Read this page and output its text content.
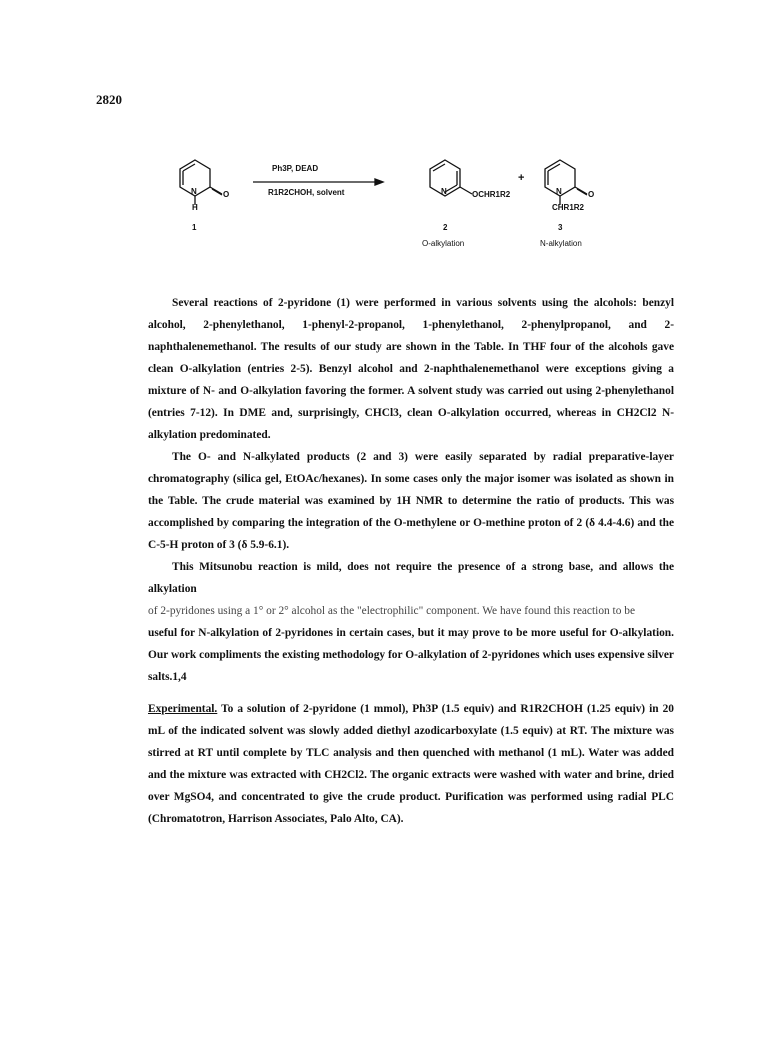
2820
N	O
H
1
Ph3P, DEAD
R1R2CHOH, solvent	N	OCHR1R2
2
O-alkylation
+
N	O
CHR1R2
3
N-alkylation

Several reactions of 2-pyridone (1) were performed in various solvents using the alcohols: benzyl alcohol, 2-phenylethanol, 1-phenyl-2-propanol, 1-phenylethanol, 2-phenylpropanol, and 2-naphthalenemethanol. The results of our study are shown in the Table. In THF four of the alcohols gave clean O-alkylation (entries 2-5). Benzyl alcohol and 2-naphthalenemethanol were exceptions giving a mixture of N- and O-alkylation favoring the former. A solvent study was carried out using 2-phenylethanol (entries 7-12). In DME and, surprisingly, CHCl3, clean O-alkylation occurred, whereas in CH2Cl2 N-alkylation predominated.

The O- and N-alkylated products (2 and 3) were easily separated by radial preparative-layer chromatography (silica gel, EtOAc/hexanes). In some cases only the major isomer was isolated as shown in the Table. The crude material was examined by 1H NMR to determine the ratio of products. This was accomplished by comparing the integration of the O-methylene or O-methine proton of 2 (δ 4.4-4.6) and the C-5-H proton of 3 (δ 5.9-6.1).

This Mitsunobu reaction is mild, does not require the presence of a strong base, and allows the alkylation

of 2-pyridones using a 1° or 2° alcohol as the "electrophilic" component. We have found this reaction to be

useful for N-alkylation of 2-pyridones in certain cases, but it may prove to be more useful for O-alkylation. Our work compliments the existing methodology for O-alkylation of 2-pyridones which uses expensive silver salts.1,4

Experimental. To a solution of 2-pyridone (1 mmol), Ph3P (1.5 equiv) and R1R2CHOH (1.25 equiv) in 20 mL of the indicated solvent was slowly added diethyl azodicarboxylate (1.5 equiv) at RT. The mixture was stirred at RT until complete by TLC analysis and then quenched with methanol (1 mL). Water was added and the mixture was extracted with CH2Cl2. The organic extracts were washed with water and brine, dried over MgSO4, and concentrated to give the crude product. Purification was performed using radial PLC (Chromatotron, Harrison Associates, Palo Alto, CA).
